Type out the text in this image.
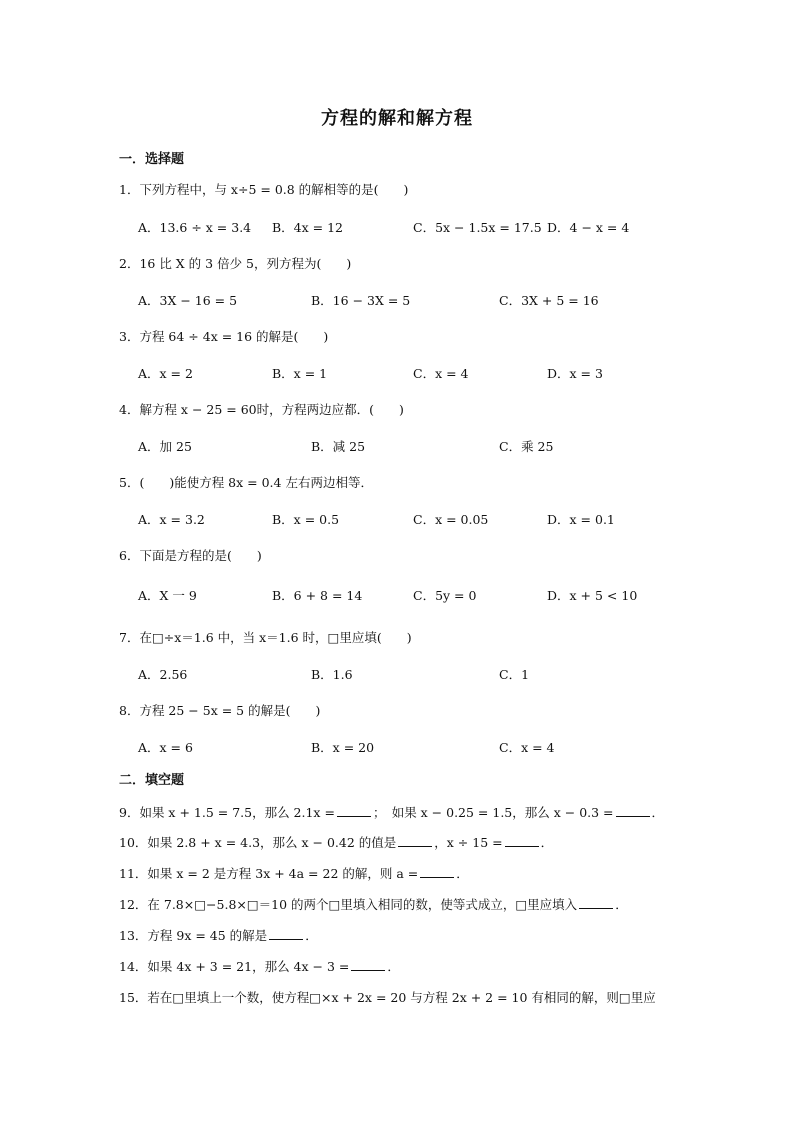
方程的解和解方程
一．选择题
1．下列方程中，与 x÷5 = 0.8 的解相等的是(　　)
A．13.6 ÷ x = 3.4 B．4x = 12	C．5x − 1.5x = 17.5 D．4 − x = 4
2．16 比 X 的 3 倍少 5，列方程为(　　)
A．3X − 16 = 5	B．16 − 3X = 5	C．3X + 5 = 16
3．方程 64 ÷ 4x = 16 的解是(　　)
A．x = 2	B．x = 1	C．x = 4	D．x = 3
4．解方程 x − 25 = 60时，方程两边应都．(　　)
A．加 25	B．减 25	C．乘 25
5．(　　)能使方程 8x = 0.4 左右两边相等．
A．x = 3.2	B．x = 0.5	C．x = 0.05	D．x = 0.1
6．下面是方程的是(　　)
A．X 一 9	B．6 + 8 = 14	C．5y = 0	D．x + 5 < 10
7．在□÷x＝1.6 中，当 x＝1.6 时，□里应填(　　)
A．2.56	B．1.6	C．1
8．方程 25 − 5x = 5 的解是(　　)
A．x = 6	B．x = 20	C．x = 4
二．填空题
9．如果 x + 1.5 = 7.5，那么 2.1x =	；　如果 x − 0.25 = 1.5，那么 x − 0.3 =	．
10．如果 2.8 + x = 4.3，那么 x − 0.42 的值是	，x ÷ 15 =	．
11．如果 x = 2 是方程 3x + 4a = 22 的解，则 a =	．
12．在 7.8×□−5.8×□＝10 的两个□里填入相同的数，使等式成立，□里应填入	．
13．方程 9x = 45 的解是	．
14．如果 4x + 3 = 21，那么 4x − 3 =	．
15．若在□里填上一个数，使方程□×x + 2x = 20 与方程 2x + 2 = 10 有相同的解，则□里应
